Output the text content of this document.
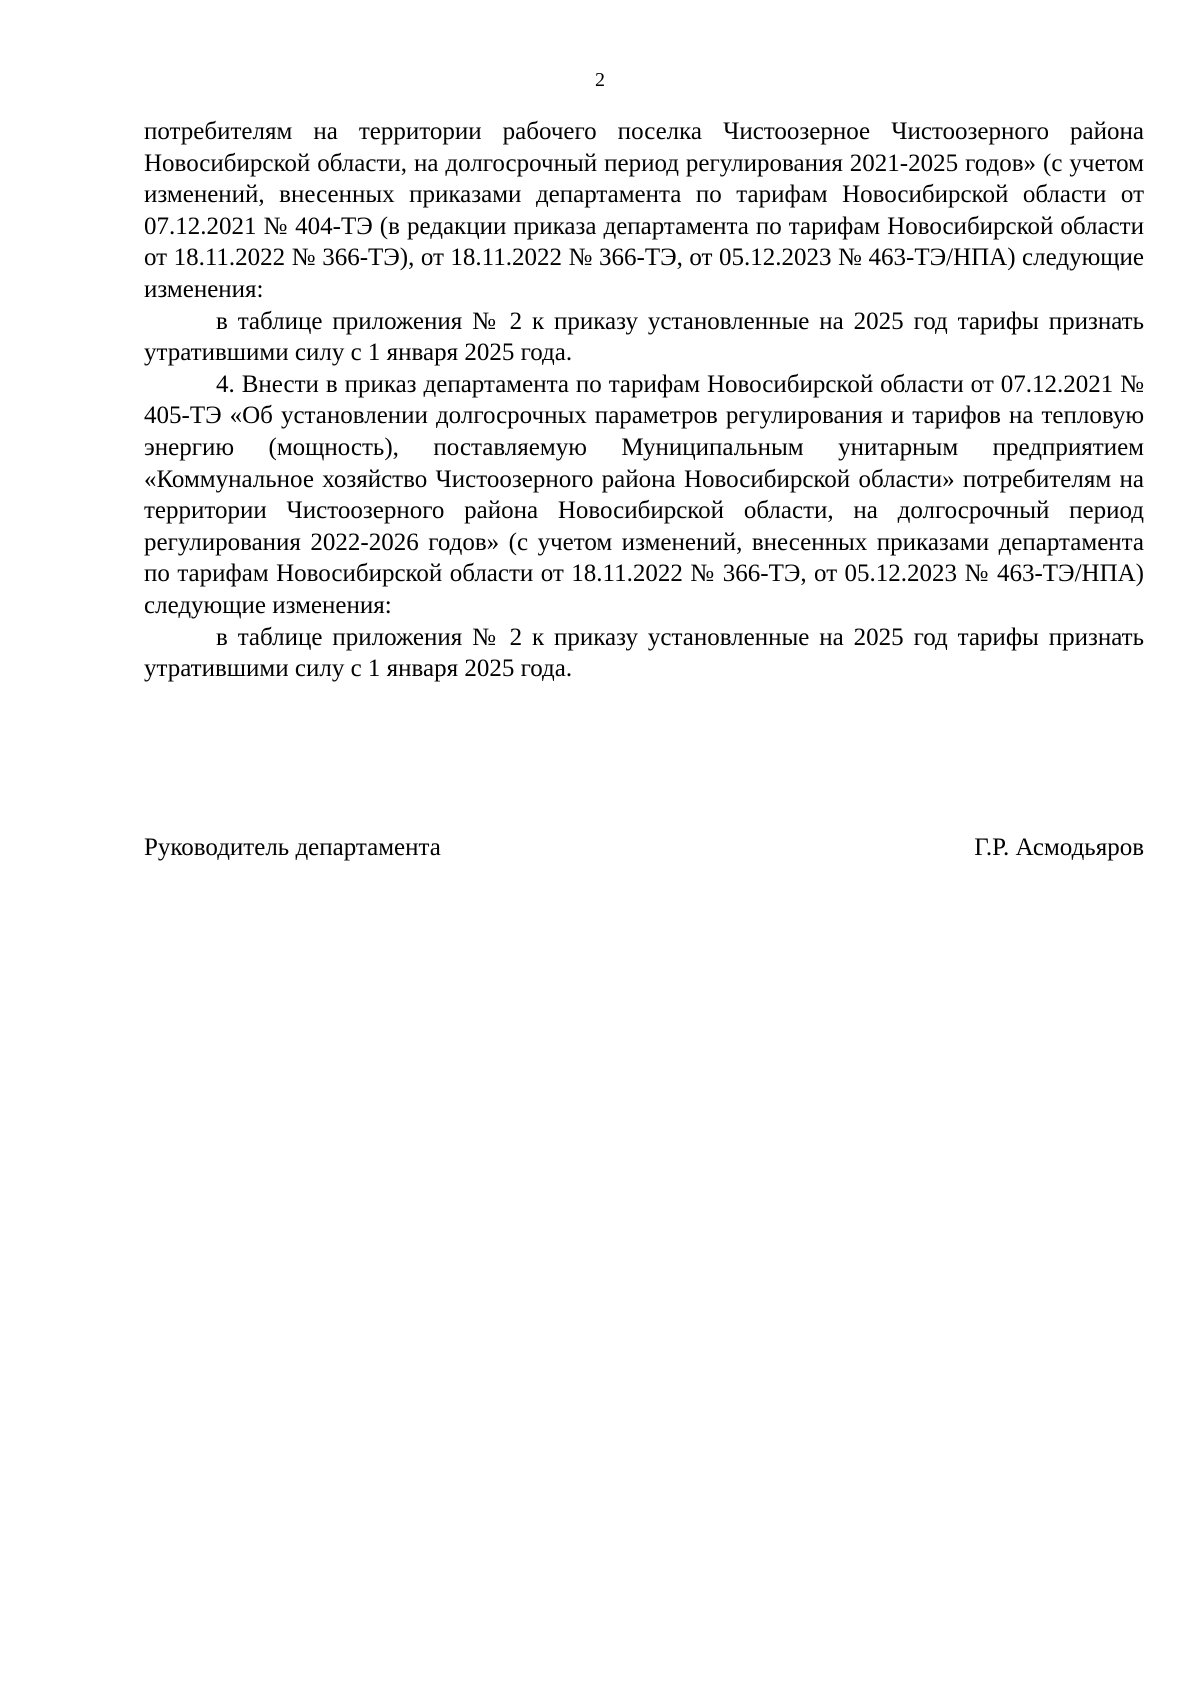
2

потребителям на территории рабочего поселка Чистоозерное Чистоозерного района Новосибирской области, на долгосрочный период регулирования 2021-2025 годов» (с учетом изменений, внесенных приказами департамента по тарифам Новосибирской области от 07.12.2021 № 404-ТЭ (в редакции приказа департамента по тарифам Новосибирской области от 18.11.2022 № 366-ТЭ), от 18.11.2022 № 366-ТЭ, от 05.12.2023 № 463-ТЭ/НПА) следующие изменения:

в таблице приложения № 2 к приказу установленные на 2025 год тарифы признать утратившими силу с 1 января 2025 года.

4. Внести в приказ департамента по тарифам Новосибирской области от 07.12.2021 № 405-ТЭ «Об установлении долгосрочных параметров регулирования и тарифов на тепловую энергию (мощность), поставляемую Муниципальным унитарным предприятием «Коммунальное хозяйство Чистоозерного района Новосибирской области» потребителям на территории Чистоозерного района Новосибирской области, на долгосрочный период регулирования 2022-2026 годов» (с учетом изменений, внесенных приказами департамента по тарифам Новосибирской области от 18.11.2022 № 366-ТЭ, от 05.12.2023 № 463-ТЭ/НПА) следующие изменения:

в таблице приложения № 2 к приказу установленные на 2025 год тарифы признать утратившими силу с 1 января 2025 года.

Руководитель департамента	Г.Р. Асмодьяров
